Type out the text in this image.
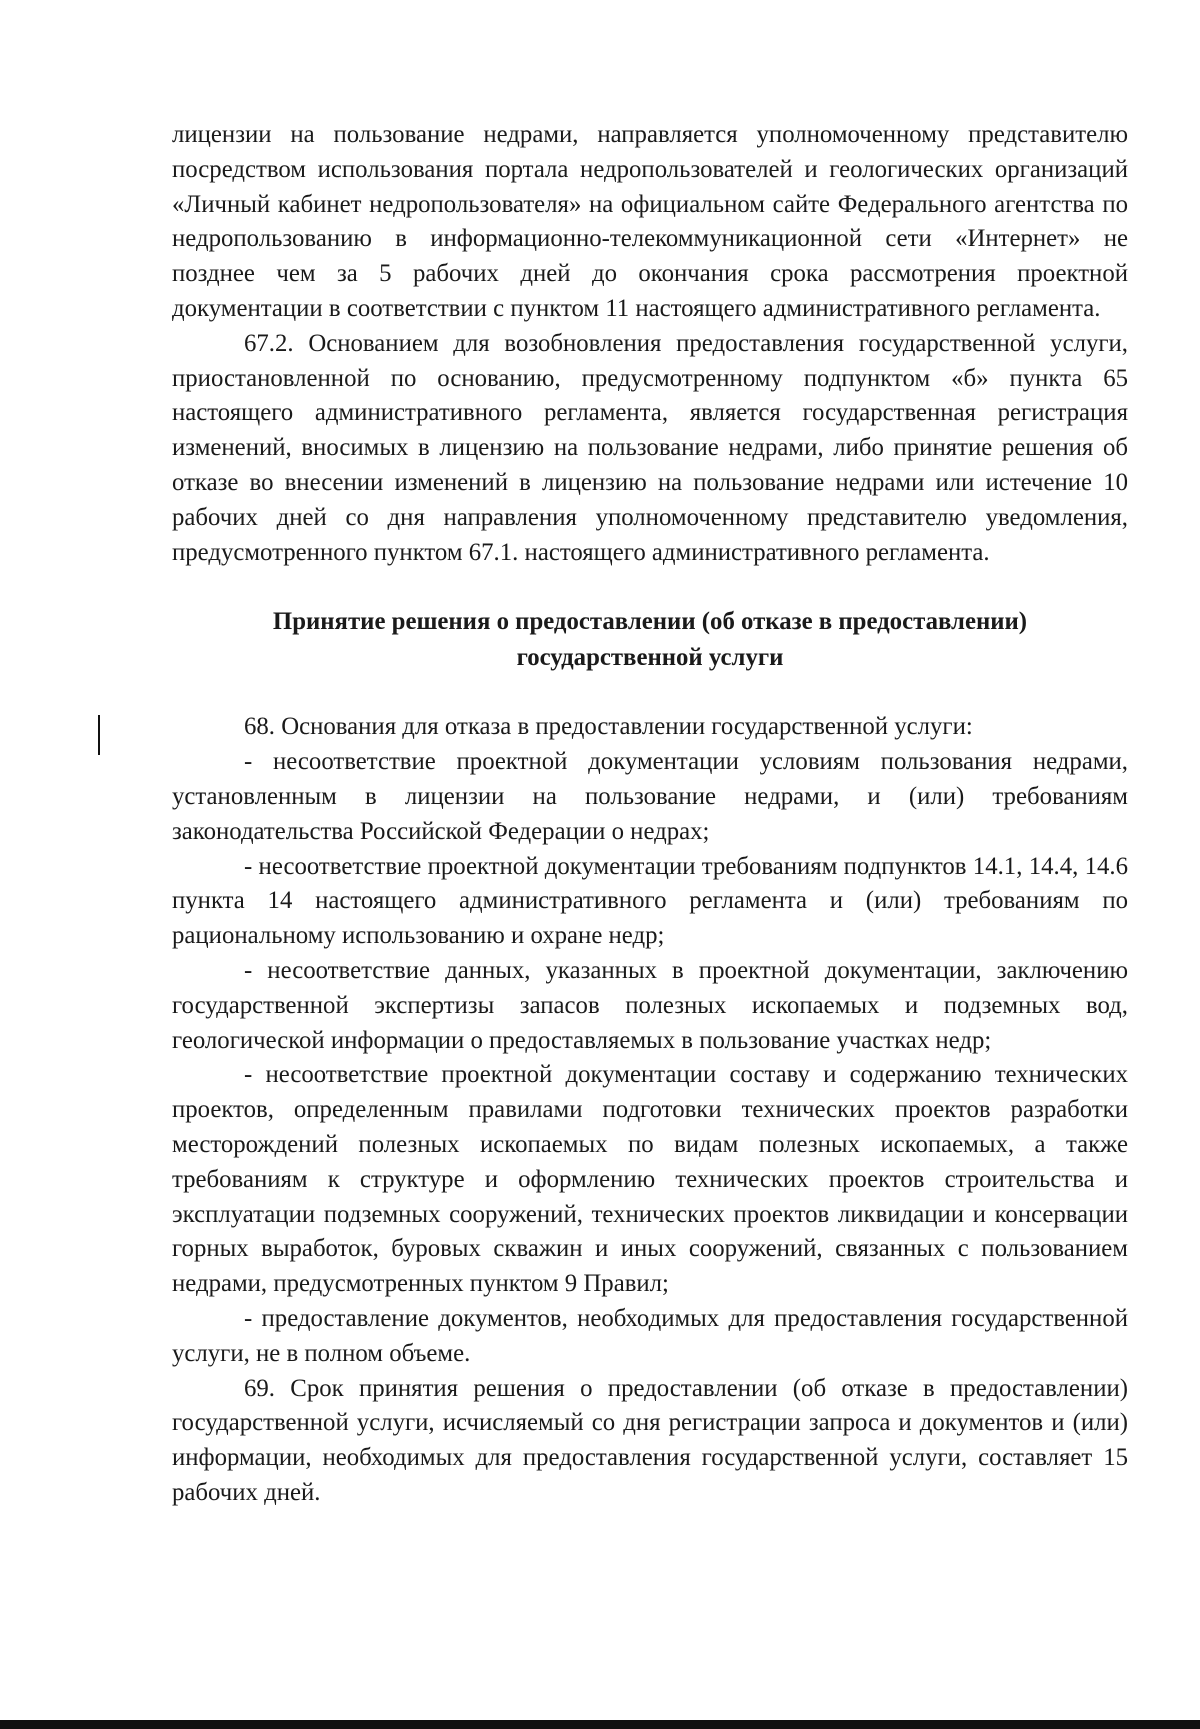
лицензии на пользование недрами, направляется уполномоченному представителю посредством использования портала недропользователей и геологических организаций «Личный кабинет недропользователя» на официальном сайте Федерального агентства по недропользованию в информационно-телекоммуникационной сети «Интернет» не позднее чем за 5 рабочих дней до окончания срока рассмотрения проектной документации в соответствии с пунктом 11 настоящего административного регламента.

67.2. Основанием для возобновления предоставления государственной услуги, приостановленной по основанию, предусмотренному подпунктом «б» пункта 65 настоящего административного регламента, является государственная регистрация изменений, вносимых в лицензию на пользование недрами, либо принятие решения об отказе во внесении изменений в лицензию на пользование недрами или истечение 10 рабочих дней со дня направления уполномоченному представителю уведомления, предусмотренного пунктом 67.1. настоящего административного регламента.

Принятие решения о предоставлении (об отказе в предоставлении)
государственной услуги

68. Основания для отказа в предоставлении государственной услуги:

- несоответствие проектной документации условиям пользования недрами, установленным в лицензии на пользование недрами, и (или) требованиям законодательства Российской Федерации о недрах;

- несоответствие проектной документации требованиям подпунктов 14.1, 14.4, 14.6 пункта 14 настоящего административного регламента и (или) требованиям по рациональному использованию и охране недр;

- несоответствие данных, указанных в проектной документации, заключению государственной экспертизы запасов полезных ископаемых и подземных вод, геологической информации о предоставляемых в пользование участках недр;

- несоответствие проектной документации составу и содержанию технических проектов, определенным правилами подготовки технических проектов разработки месторождений полезных ископаемых по видам полезных ископаемых, а также требованиям к структуре и оформлению технических проектов строительства и эксплуатации подземных сооружений, технических проектов ликвидации и консервации горных выработок, буровых скважин и иных сооружений, связанных с пользованием недрами, предусмотренных пунктом 9 Правил;

- предоставление документов, необходимых для предоставления государственной услуги, не в полном объеме.

69. Срок принятия решения о предоставлении (об отказе в предоставлении) государственной услуги, исчисляемый со дня регистрации запроса и документов и (или) информации, необходимых для предоставления государственной услуги, составляет 15 рабочих дней.
